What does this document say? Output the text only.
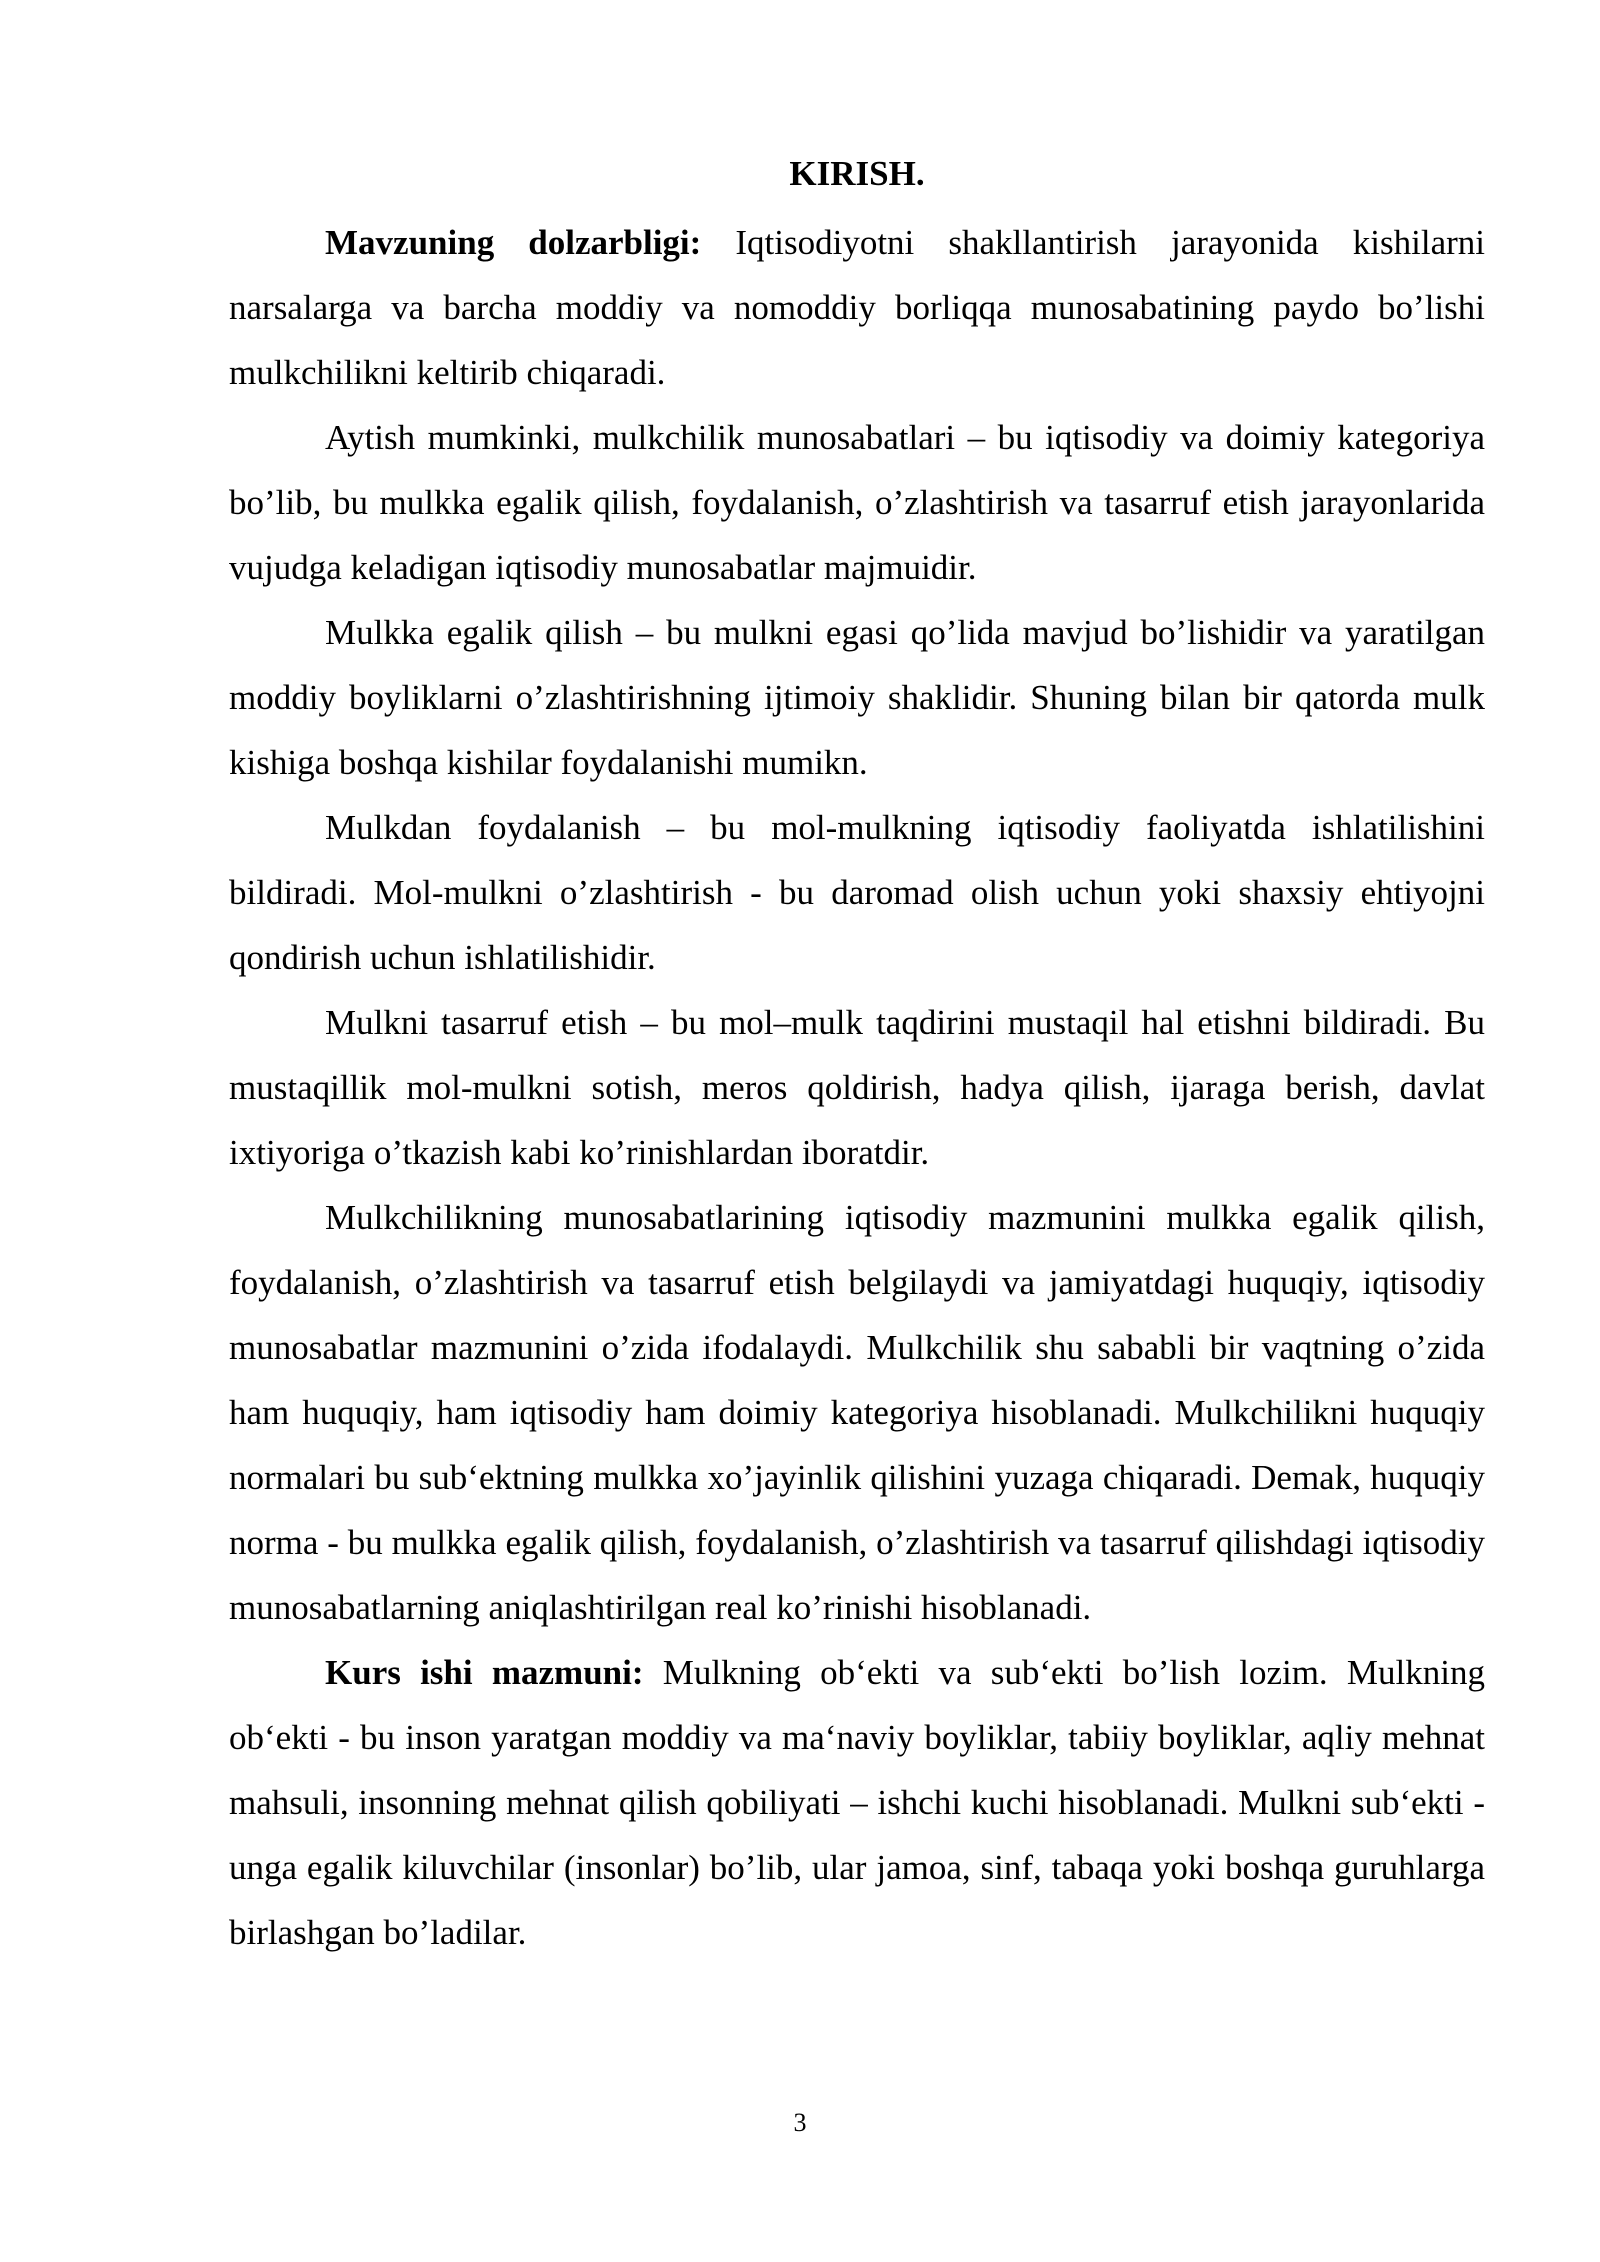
KIRISH.

Mavzuning dolzarbligi: Iqtisodiyotni shakllantirish jarayonida kishilarni narsalarga va barcha moddiy va nomoddiy borliqqa munosabatining paydo bo’lishi mulkchilikni keltirib chiqaradi.

Aytish mumkinki, mulkchilik munosabatlari – bu iqtisodiy va doimiy kategoriya bo’lib, bu mulkka egalik qilish, foydalanish, o’zlashtirish va tasarruf etish jarayonlarida vujudga keladigan iqtisodiy munosabatlar majmuidir.

Mulkka egalik qilish – bu mulkni egasi qo’lida mavjud bo’lishidir va yaratilgan moddiy boyliklarni o’zlashtirishning ijtimoiy shaklidir. Shuning bilan bir qatorda mulk kishiga boshqa kishilar foydalanishi mumikn.

Mulkdan foydalanish – bu mol-mulkning iqtisodiy faoliyatda ishlatilishini bildiradi. Mol-mulkni o’zlashtirish - bu daromad olish uchun yoki shaxsiy ehtiyojni qondirish uchun ishlatilishidir.

Mulkni tasarruf etish – bu mol–mulk taqdirini mustaqil hal etishni bildiradi. Bu mustaqillik mol-mulkni sotish, meros qoldirish, hadya qilish, ijaraga berish, davlat ixtiyoriga o’tkazish kabi ko’rinishlardan iboratdir.

Mulkchilikning munosabatlarining iqtisodiy mazmunini mulkka egalik qilish, foydalanish, o’zlashtirish va tasarruf etish belgilaydi va jamiyatdagi huquqiy, iqtisodiy munosabatlar mazmunini o’zida ifodalaydi. Mulkchilik shu sababli bir vaqtning o’zida ham huquqiy, ham iqtisodiy ham doimiy kategoriya hisoblanadi. Mulkchilikni huquqiy normalari bu sub‘ektning mulkka xo’jayinlik qilishini yuzaga chiqaradi. Demak, huquqiy norma - bu mulkka egalik qilish, foydalanish, o’zlashtirish va tasarruf qilishdagi iqtisodiy munosabatlarning aniqlashtirilgan real ko’rinishi hisoblanadi.

Kurs ishi mazmuni: Mulkning ob‘ekti va sub‘ekti bo’lish lozim. Mulkning ob‘ekti - bu inson yaratgan moddiy va ma‘naviy boyliklar, tabiiy boyliklar, aqliy mehnat mahsuli, insonning mehnat qilish qobiliyati – ishchi kuchi hisoblanadi. Mulkni sub‘ekti - unga egalik kiluvchilar (insonlar) bo’lib, ular jamoa, sinf, tabaqa yoki boshqa guruhlarga birlashgan bo’ladilar.

3
